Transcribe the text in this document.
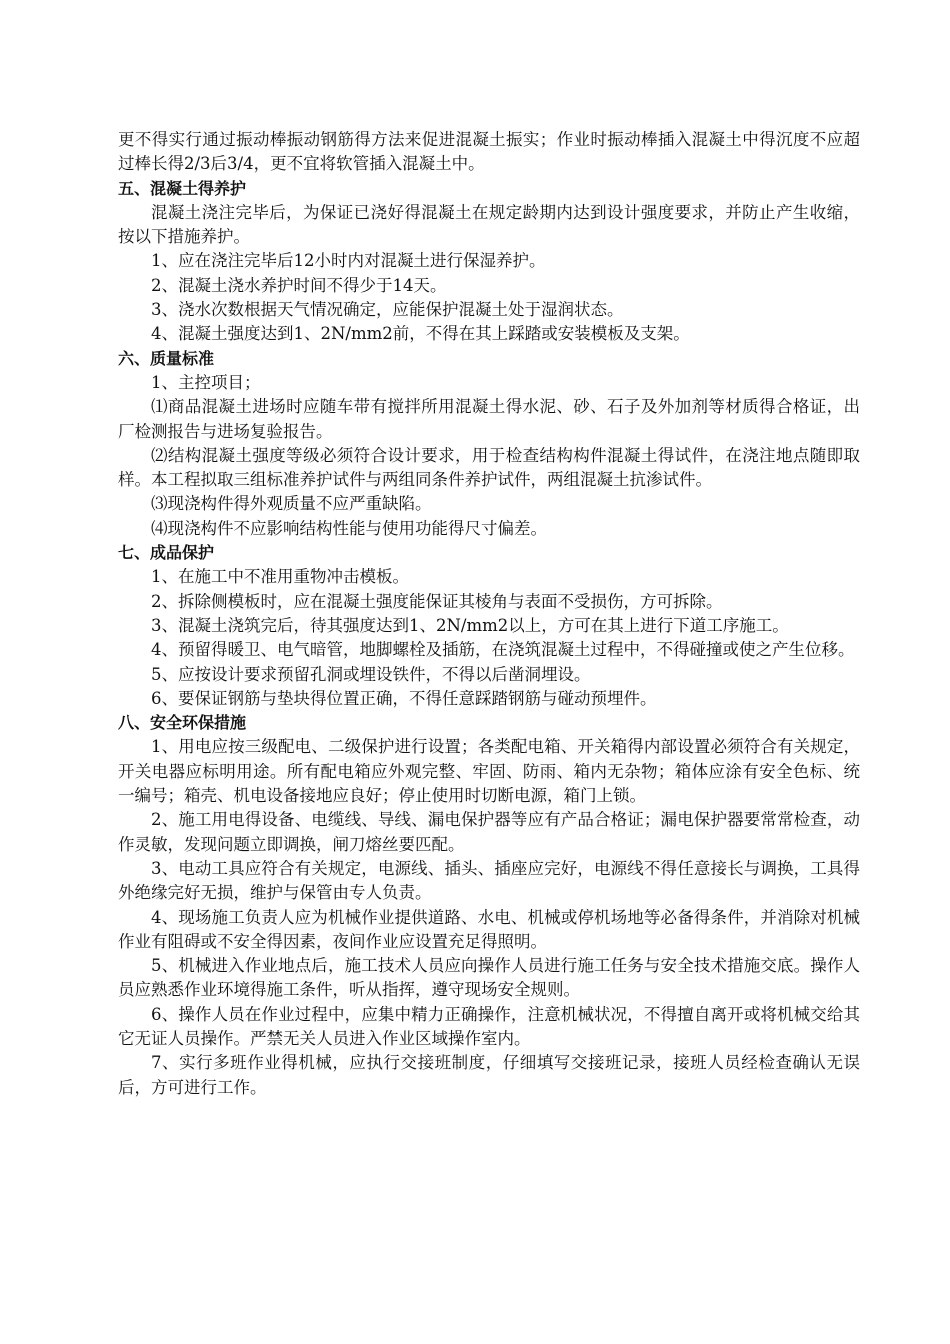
更不得实行通过振动棒振动钢筋得方法来促进混凝土振实；作业时振动棒插入混凝土中得沉度不应超过棒长得2/3后3/4，更不宜将软管插入混凝土中。

五、混凝土得养护

混凝土浇注完毕后，为保证已浇好得混凝土在规定龄期内达到设计强度要求，并防止产生收缩，按以下措施养护。

1、应在浇注完毕后12小时内对混凝土进行保湿养护。

2、混凝土浇水养护时间不得少于14天。

3、浇水次数根据天气情况确定，应能保护混凝土处于湿润状态。

4、混凝土强度达到1、2N/mm2前，不得在其上踩踏或安装模板及支架。

六、质量标准

1、主控项目；

⑴商品混凝土进场时应随车带有搅拌所用混凝土得水泥、砂、石子及外加剂等材质得合格证，出厂检测报告与进场复验报告。

⑵结构混凝土强度等级必须符合设计要求，用于检查结构构件混凝土得试件，在浇注地点随即取样。本工程拟取三组标准养护试件与两组同条件养护试件，两组混凝土抗渗试件。

⑶现浇构件得外观质量不应严重缺陷。

⑷现浇构件不应影响结构性能与使用功能得尺寸偏差。

七、成品保护

1、在施工中不准用重物冲击模板。

2、拆除侧模板时，应在混凝土强度能保证其棱角与表面不受损伤，方可拆除。

3、混凝土浇筑完后，待其强度达到1、2N/mm2以上，方可在其上进行下道工序施工。

4、预留得暖卫、电气暗管，地脚螺栓及插筋，在浇筑混凝土过程中，不得碰撞或使之产生位移。

5、应按设计要求预留孔洞或埋设铁件，不得以后凿洞埋设。

6、要保证钢筋与垫块得位置正确，不得任意踩踏钢筋与碰动预埋件。

八、安全环保措施

1、用电应按三级配电、二级保护进行设置；各类配电箱、开关箱得内部设置必须符合有关规定，开关电器应标明用途。所有配电箱应外观完整、牢固、防雨、箱内无杂物；箱体应涂有安全色标、统一编号；箱壳、机电设备接地应良好；停止使用时切断电源，箱门上锁。

2、施工用电得设备、电缆线、导线、漏电保护器等应有产品合格证；漏电保护器要常常检查，动作灵敏，发现问题立即调换，闸刀熔丝要匹配。

3、电动工具应符合有关规定，电源线、插头、插座应完好，电源线不得任意接长与调换，工具得外绝缘完好无损，维护与保管由专人负责。

4、现场施工负责人应为机械作业提供道路、水电、机械或停机场地等必备得条件，并消除对机械作业有阻碍或不安全得因素，夜间作业应设置充足得照明。

5、机械进入作业地点后，施工技术人员应向操作人员进行施工任务与安全技术措施交底。操作人员应熟悉作业环境得施工条件，听从指挥，遵守现场安全规则。

6、操作人员在作业过程中，应集中精力正确操作，注意机械状况，不得擅自离开或将机械交给其它无证人员操作。严禁无关人员进入作业区域操作室内。

7、实行多班作业得机械，应执行交接班制度，仔细填写交接班记录，接班人员经检查确认无误后，方可进行工作。
